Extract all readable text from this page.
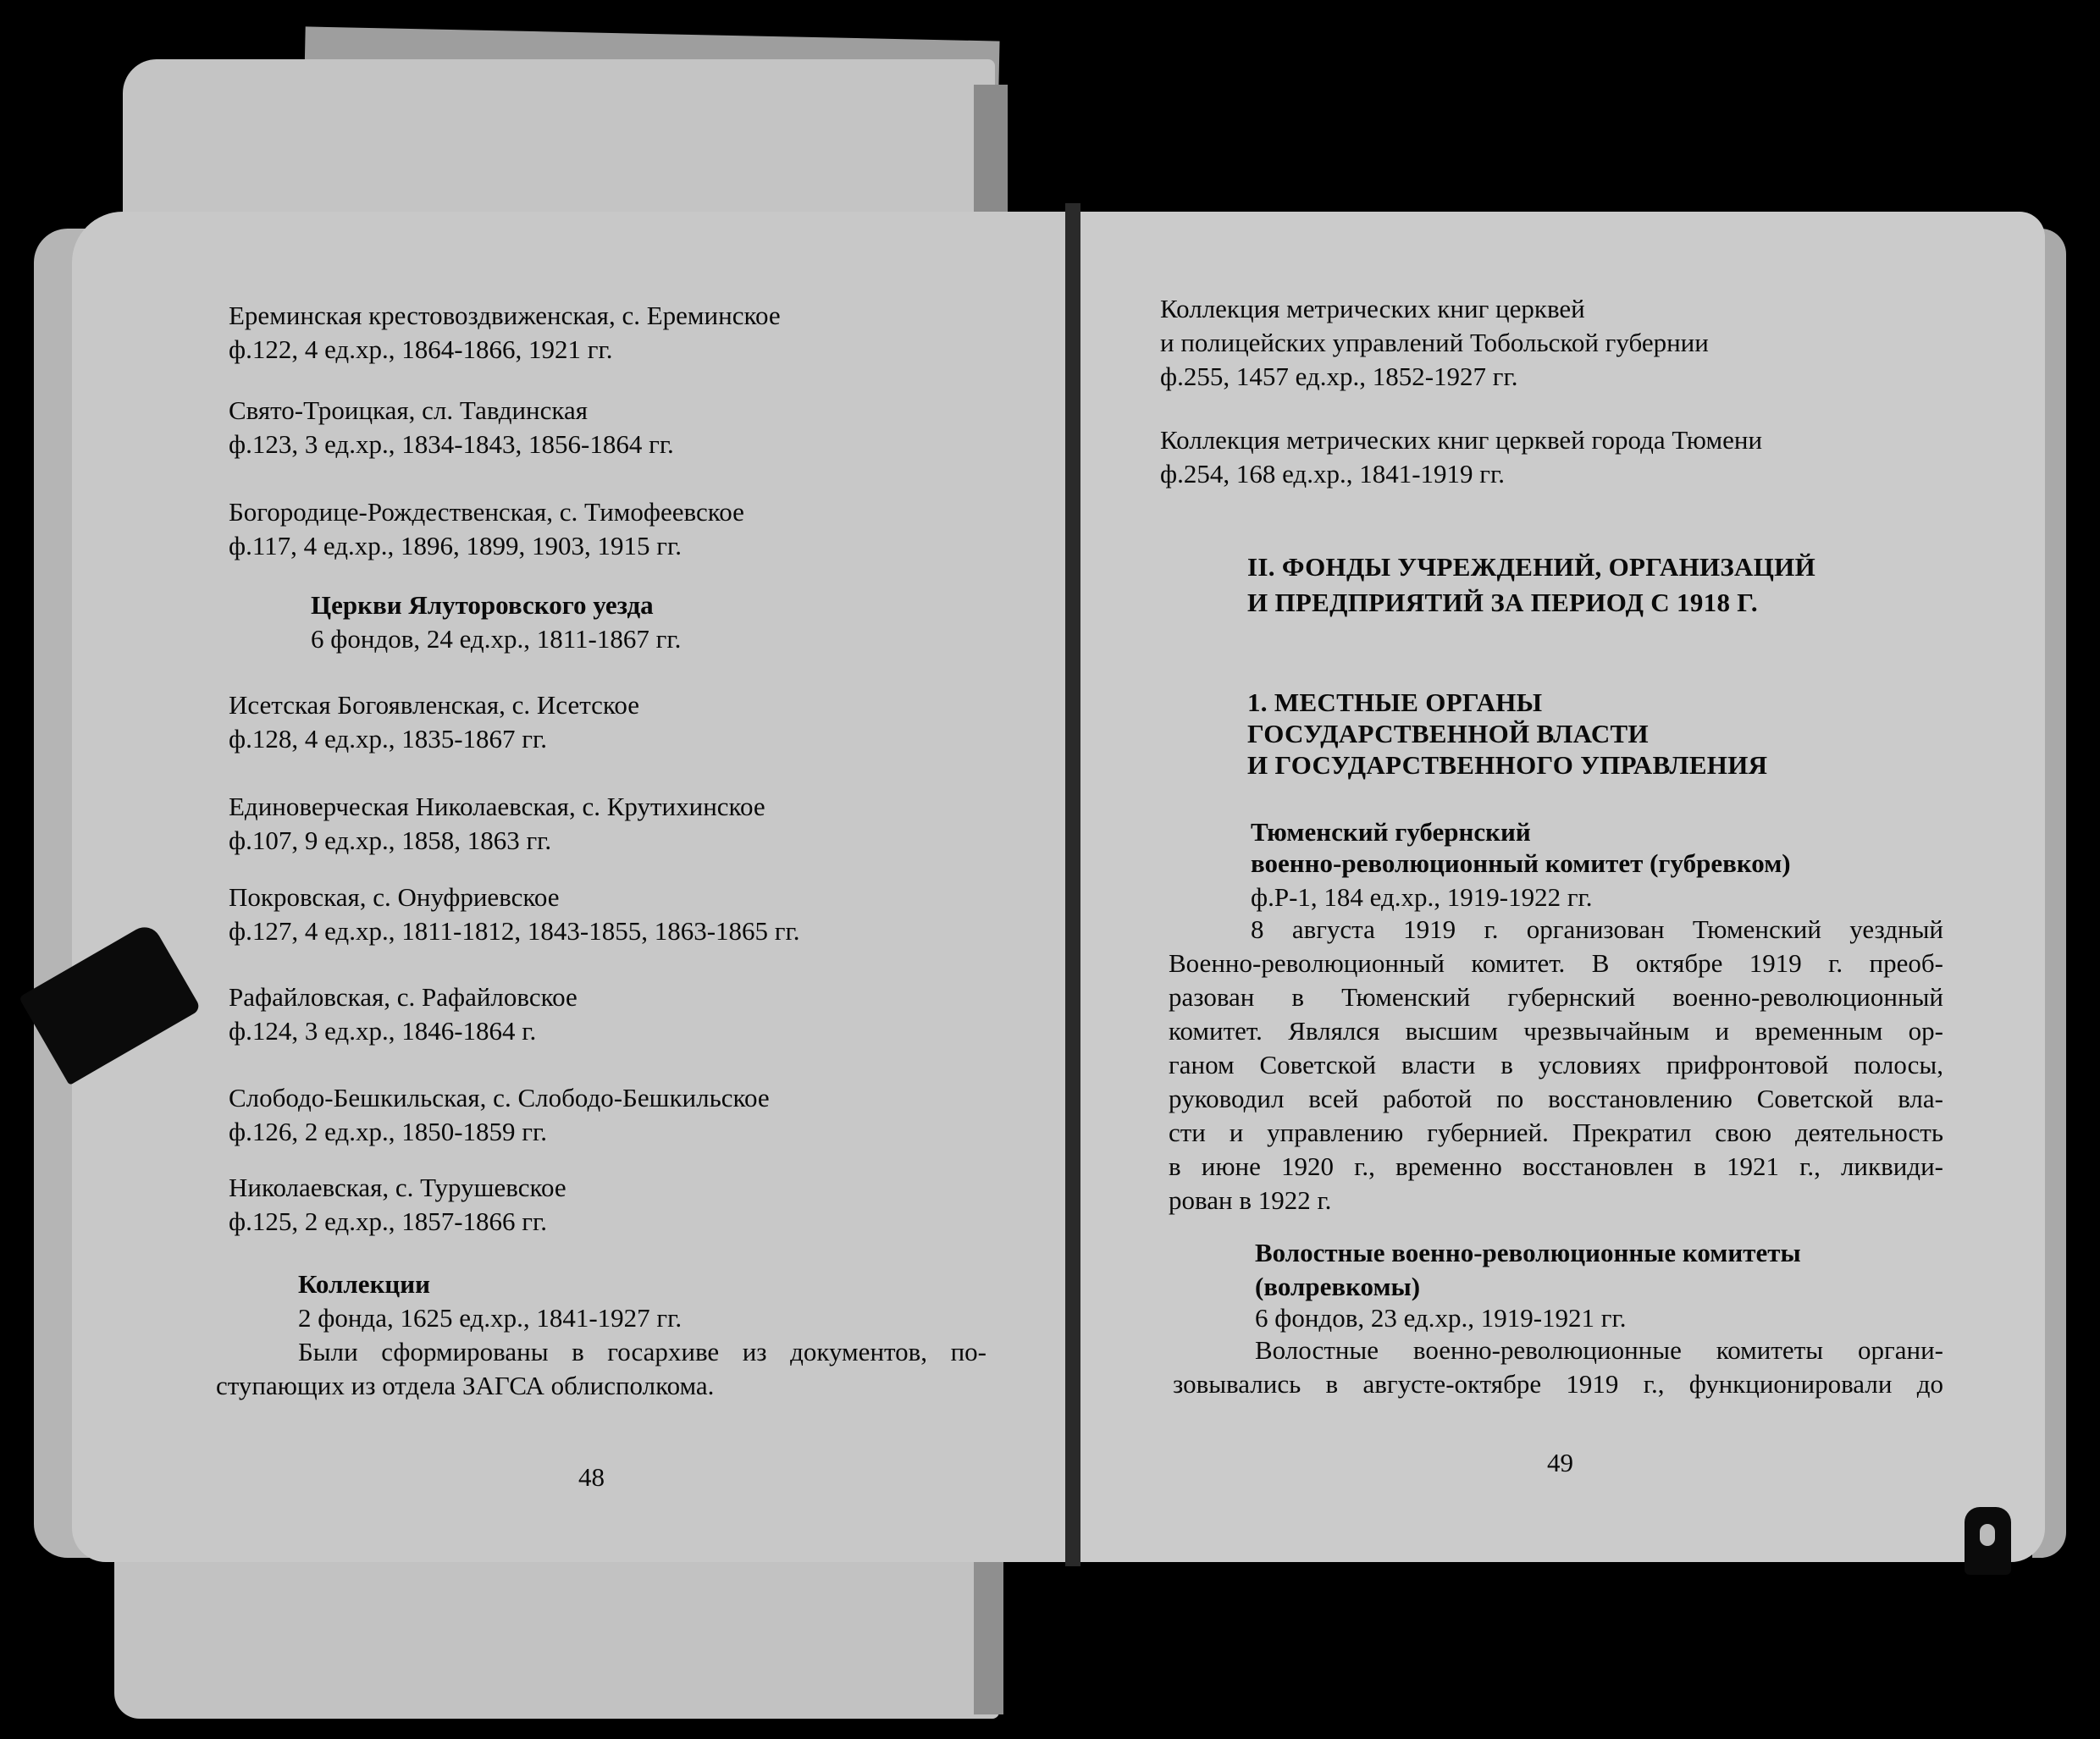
Ереминская крестовоздвиженская, с. Ереминское
ф.122, 4 ед.хр., 1864-1866, 1921 гг.
Свято-Троицкая, сл. Тавдинская
ф.123, 3 ед.хр., 1834-1843, 1856-1864 гг.
Богородице-Рождественская, с. Тимофеевское
ф.117, 4 ед.хр., 1896, 1899, 1903, 1915 гг.
Церкви Ялуторовского уезда
6 фондов, 24 ед.хр., 1811-1867 гг.
Исетская Богоявленская, с. Исетское
ф.128, 4 ед.хр., 1835-1867 гг.
Единоверческая Николаевская, с. Крутихинское
ф.107, 9 ед.хр., 1858, 1863 гг.
Покровская, с. Онуфриевское
ф.127, 4 ед.хр., 1811-1812, 1843-1855, 1863-1865 гг.
Рафайловская, с. Рафайловское
ф.124, 3 ед.хр., 1846-1864 г.
Слободо-Бешкильская, с. Слободо-Бешкильское
ф.126, 2 ед.хр., 1850-1859 гг.
Николаевская, с. Турушевское
ф.125, 2 ед.хр., 1857-1866 гг.
Коллекции
2 фонда, 1625 ед.хр., 1841-1927 гг.
Были сформированы в госархиве из документов, по-
ступающих из отдела ЗАГСА облисполкома.
48
Коллекция метрических книг церквей
и полицейских управлений Тобольской губернии
ф.255, 1457 ед.хр., 1852-1927 гг.
Коллекция метрических книг церквей города Тюмени
ф.254, 168 ед.хр., 1841-1919 гг.
II. ФОНДЫ УЧРЕЖДЕНИЙ, ОРГАНИЗАЦИЙ
И ПРЕДПРИЯТИЙ ЗА ПЕРИОД С 1918 Г.
1. МЕСТНЫЕ ОРГАНЫ
ГОСУДАРСТВЕННОЙ ВЛАСТИ
И ГОСУДАРСТВЕННОГО УПРАВЛЕНИЯ
Тюменский губернский
военно-революционный комитет (губревком)
ф.Р-1, 184 ед.хр., 1919-1922 гг.
8 августа 1919 г. организован Тюменский уездный
Военно-революционный комитет. В октябре 1919 г. преоб-
разован в Тюменский губернский военно-революционный
комитет. Являлся высшим чрезвычайным и временным ор-
ганом Советской власти в условиях прифронтовой полосы,
руководил всей работой по восстановлению Советской вла-
сти и управлению губернией. Прекратил свою деятельность
в июне 1920 г., временно восстановлен в 1921 г., ликвиди-
рован в 1922 г.
Волостные военно-революционные комитеты
(волревкомы)
6 фондов, 23 ед.хр., 1919-1921 гг.
Волостные военно-революционные комитеты органи-
зовывались в августе-октябре 1919 г., функционировали до
49
